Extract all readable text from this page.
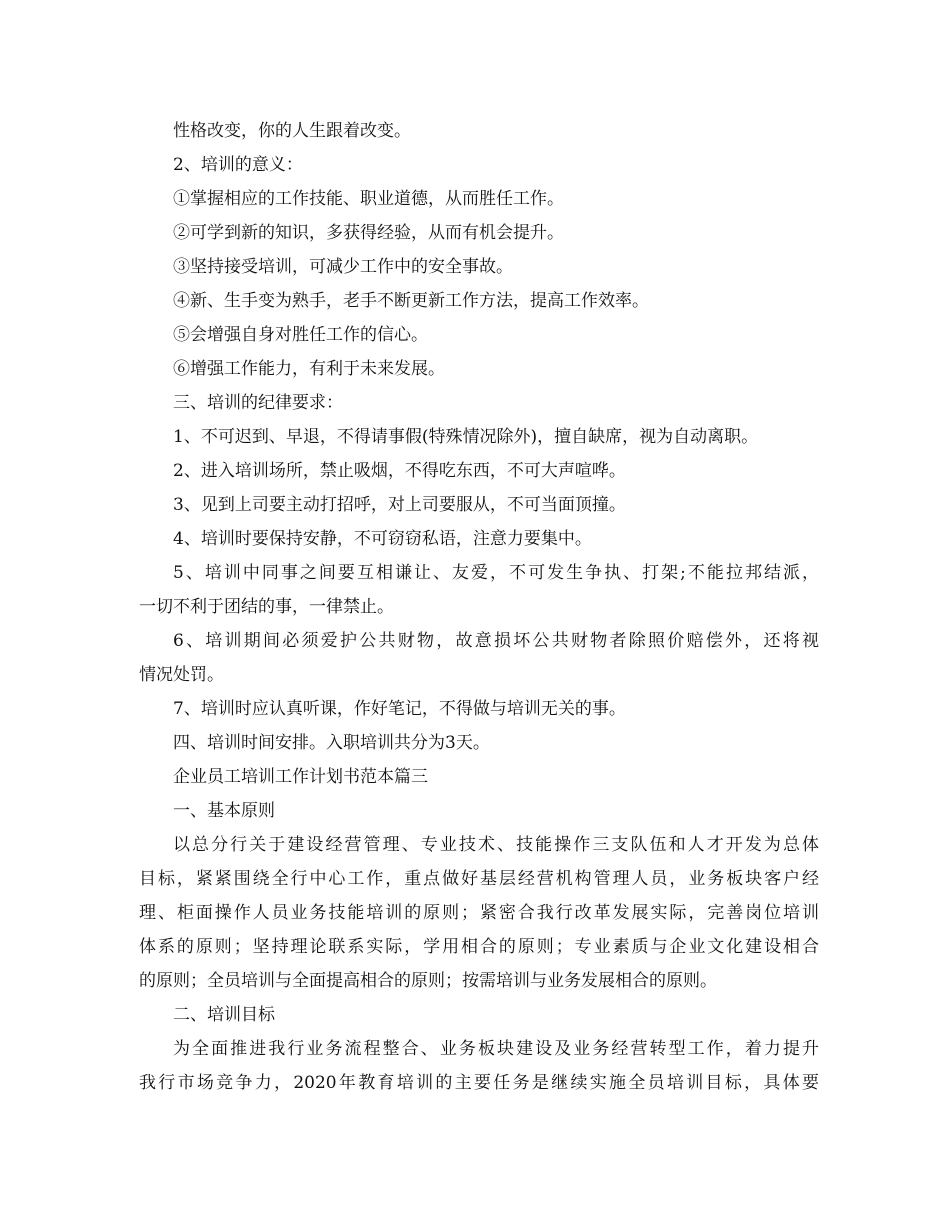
性格改变，你的人生跟着改变。
2、培训的意义：
①掌握相应的工作技能、职业道德，从而胜任工作。
②可学到新的知识，多获得经验，从而有机会提升。
③坚持接受培训，可减少工作中的安全事故。
④新、生手变为熟手，老手不断更新工作方法，提高工作效率。
⑤会增强自身对胜任工作的信心。
⑥增强工作能力，有利于未来发展。
三、培训的纪律要求：
1、不可迟到、早退，不得请事假(特殊情况除外)，擅自缺席，视为自动离职。
2、进入培训场所，禁止吸烟，不得吃东西，不可大声喧哗。
3、见到上司要主动打招呼，对上司要服从，不可当面顶撞。
4、培训时要保持安静，不可窃窃私语，注意力要集中。
5、培训中同事之间要互相谦让、友爱，不可发生争执、打架;不能拉邦结派，
一切不利于团结的事，一律禁止。
6、培训期间必须爱护公共财物，故意损坏公共财物者除照价赔偿外，还将视
情况处罚。
7、培训时应认真听课，作好笔记，不得做与培训无关的事。
四、培训时间安排。入职培训共分为3天。
企业员工培训工作计划书范本篇三
一、基本原则
以总分行关于建设经营管理、专业技术、技能操作三支队伍和人才开发为总体
目标，紧紧围绕全行中心工作，重点做好基层经营机构管理人员，业务板块客户经
理、柜面操作人员业务技能培训的原则；紧密合我行改革发展实际，完善岗位培训
体系的原则；坚持理论联系实际，学用相合的原则；专业素质与企业文化建设相合
的原则；全员培训与全面提高相合的原则；按需培训与业务发展相合的原则。
二、培训目标
为全面推进我行业务流程整合、业务板块建设及业务经营转型工作，着力提升
我行市场竞争力，2020年教育培训的主要任务是继续实施全员培训目标，具体要
